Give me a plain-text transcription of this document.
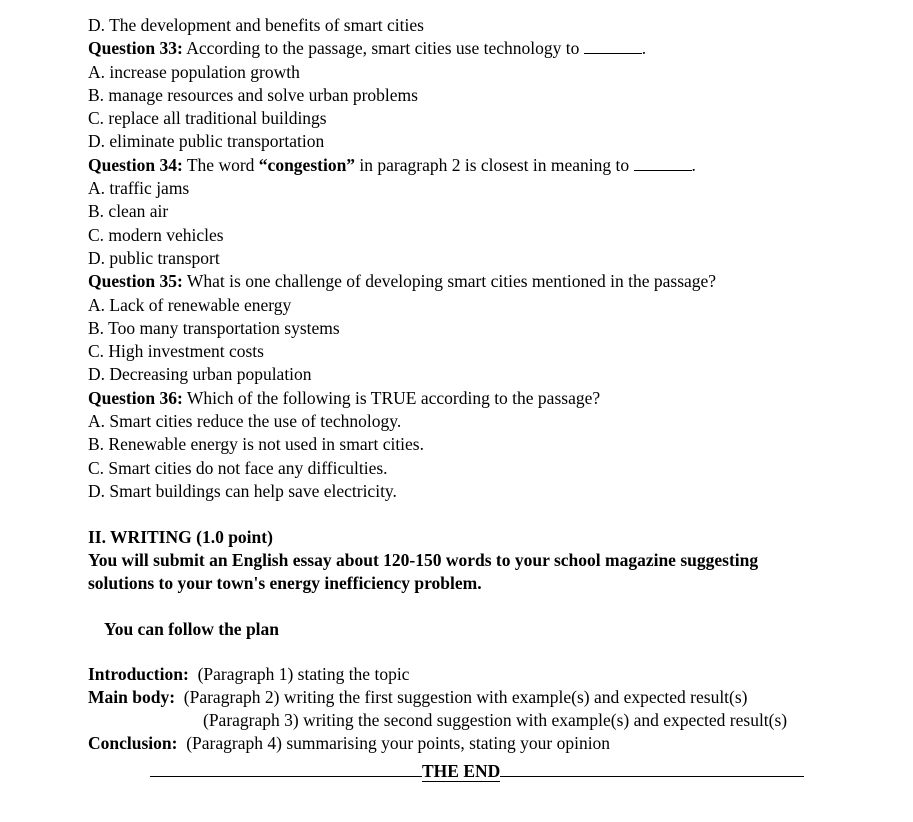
D. The development and benefits of smart cities
Question 33: According to the passage, smart cities use technology to	.
A. increase population growth
B. manage resources and solve urban problems
C. replace all traditional buildings
D. eliminate public transportation
Question 34: The word “congestion” in paragraph 2 is closest in meaning to	.
A. traffic jams
B. clean air
C. modern vehicles
D. public transport
Question 35: What is one challenge of developing smart cities mentioned in the passage?
A. Lack of renewable energy
B. Too many transportation systems
C. High investment costs
D. Decreasing urban population
Question 36: Which of the following is TRUE according to the passage?
A. Smart cities reduce the use of technology.
B. Renewable energy is not used in smart cities.
C. Smart cities do not face any difficulties.
D. Smart buildings can help save electricity.
II. WRITING (1.0 point)
You will submit an English essay about 120-150 words to your school magazine suggesting
solutions to your town's energy inefficiency problem.
You can follow the plan
Introduction: (Paragraph 1) stating the topic
Main body: (Paragraph 2) writing the first suggestion with example(s) and expected result(s)
(Paragraph 3) writing the second suggestion with example(s) and expected result(s)
Conclusion: (Paragraph 4) summarising your points, stating your opinion
THE END
